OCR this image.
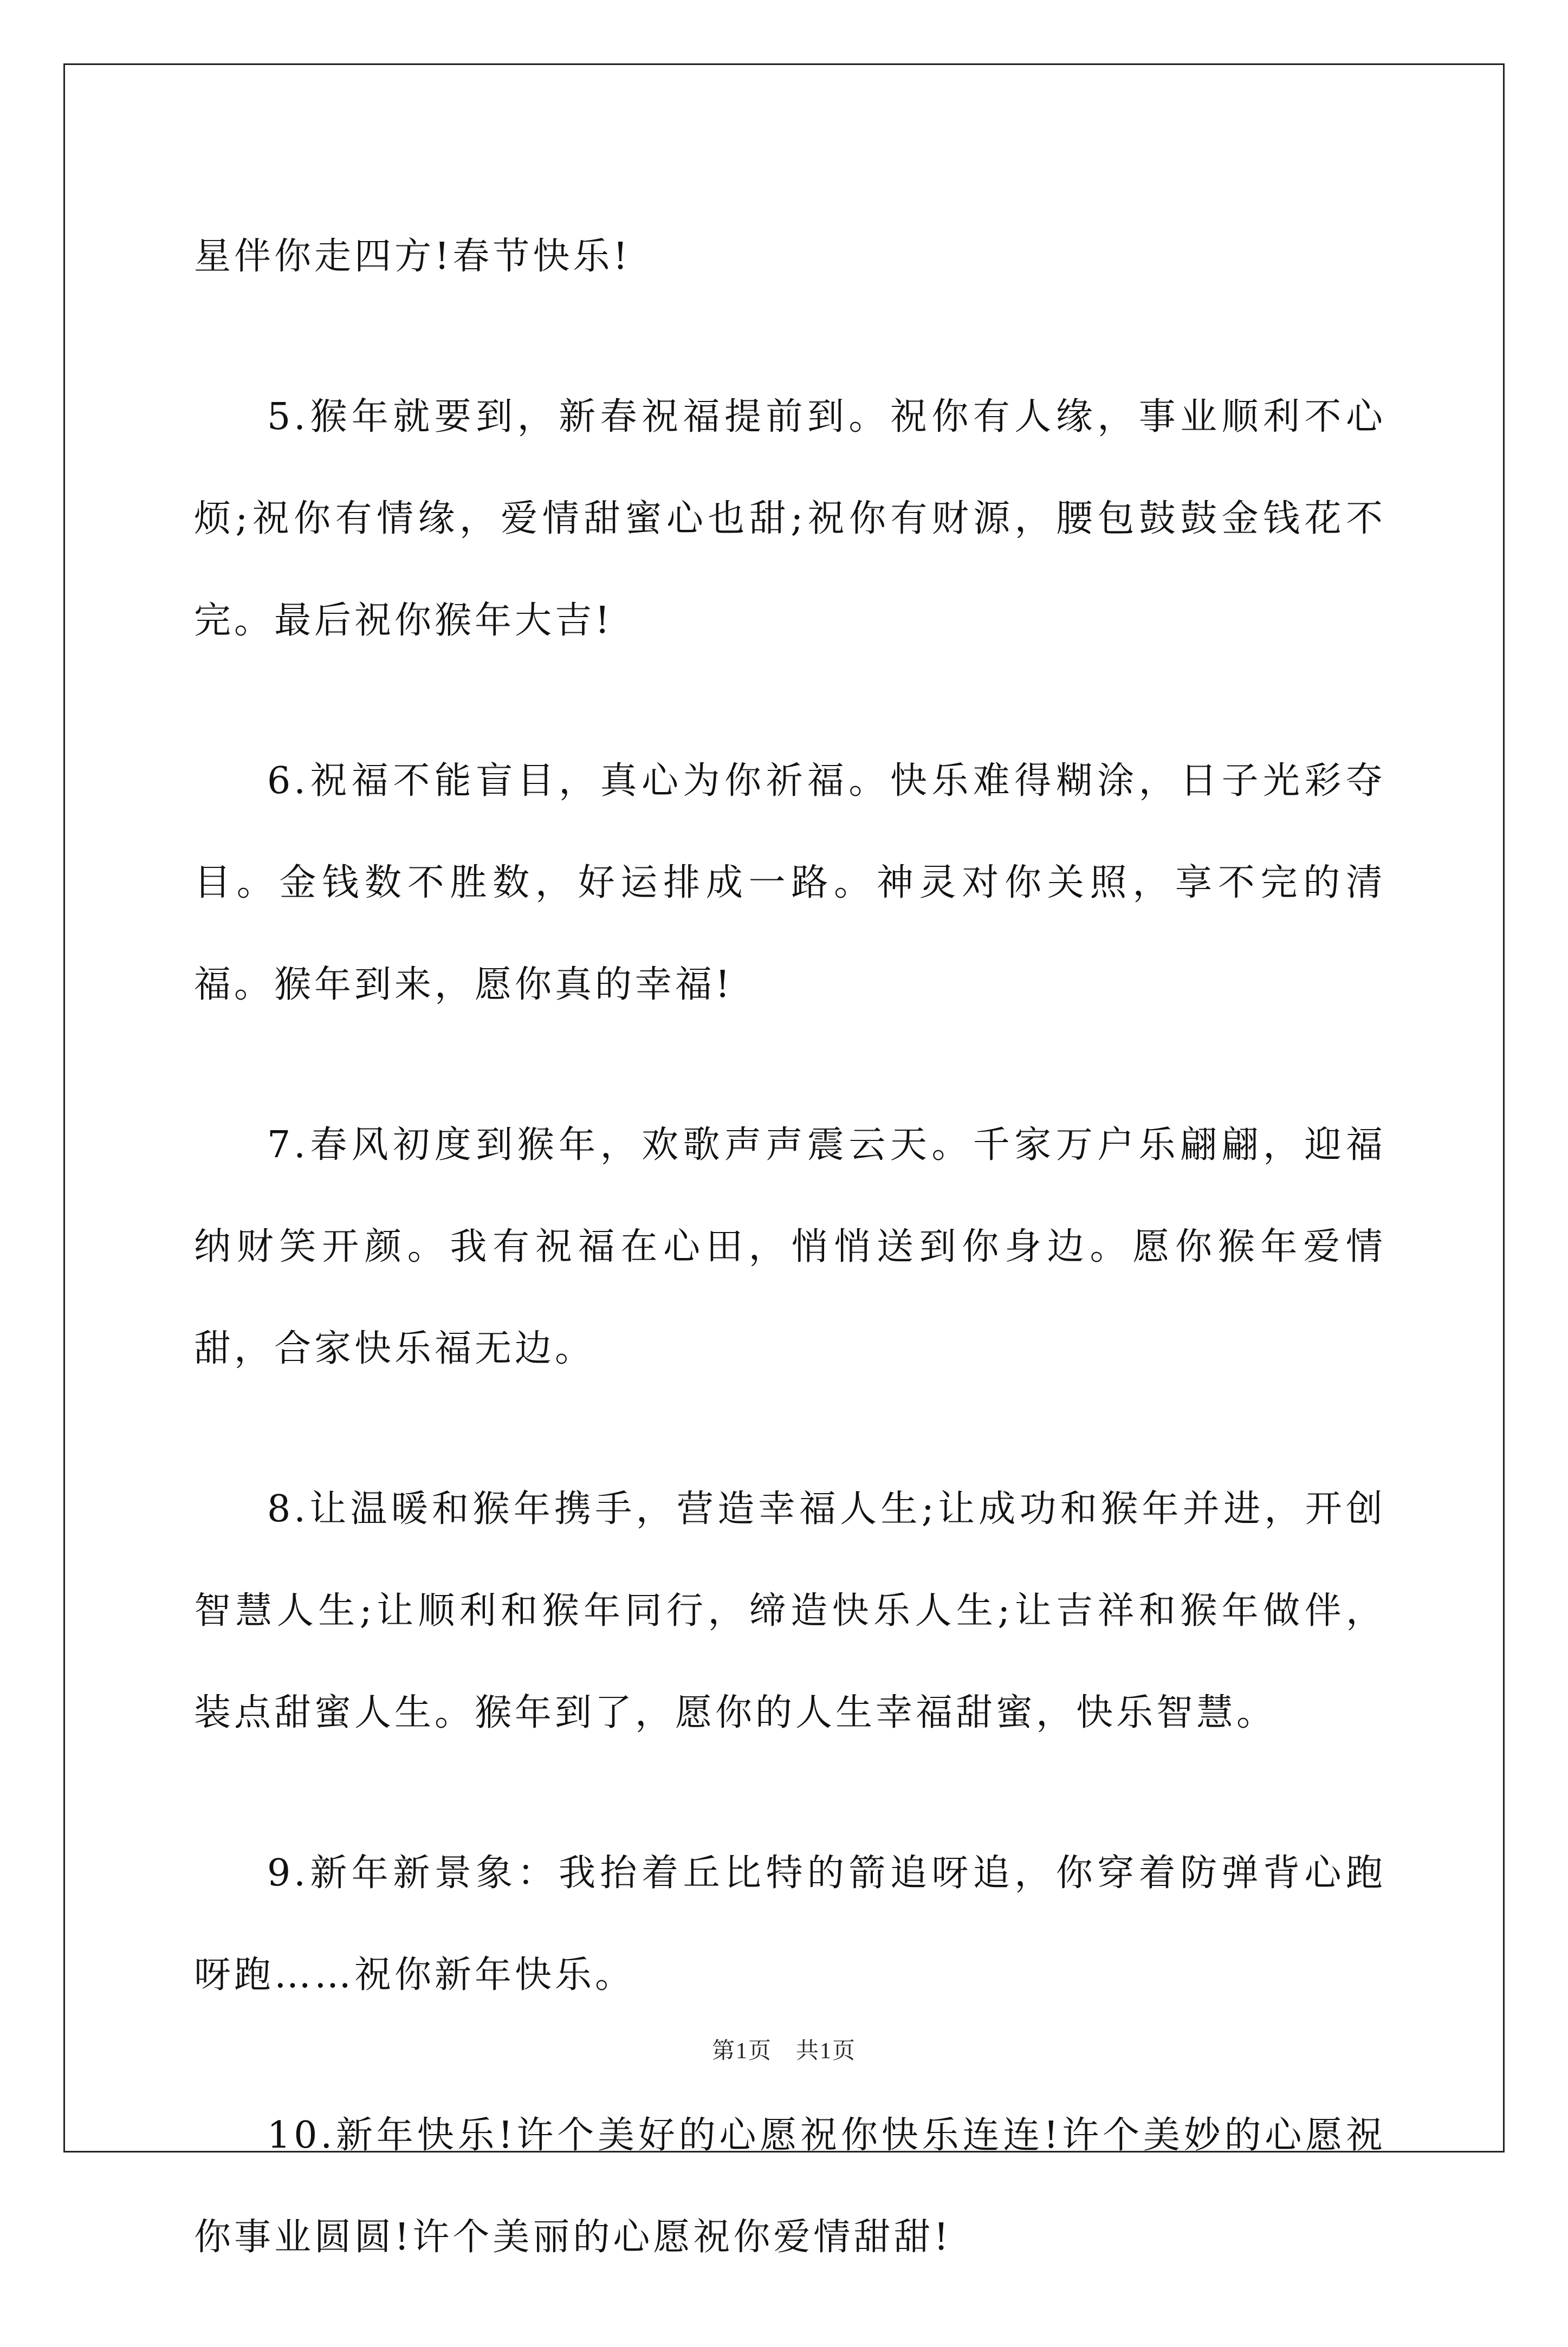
星伴你走四方!春节快乐!

5.猴年就要到，新春祝福提前到。祝你有人缘，事业顺利不心烦;祝你有情缘，爱情甜蜜心也甜;祝你有财源，腰包鼓鼓金钱花不完。最后祝你猴年大吉!

6.祝福不能盲目，真心为你祈福。快乐难得糊涂，日子光彩夺目。金钱数不胜数，好运排成一路。神灵对你关照，享不完的清福。猴年到来，愿你真的幸福!

7.春风初度到猴年，欢歌声声震云天。千家万户乐翩翩，迎福纳财笑开颜。我有祝福在心田，悄悄送到你身边。愿你猴年爱情甜，合家快乐福无边。

8.让温暖和猴年携手，营造幸福人生;让成功和猴年并进，开创智慧人生;让顺利和猴年同行，缔造快乐人生;让吉祥和猴年做伴，装点甜蜜人生。猴年到了，愿你的人生幸福甜蜜，快乐智慧。

9.新年新景象：我抬着丘比特的箭追呀追，你穿着防弹背心跑呀跑……祝你新年快乐。

10.新年快乐!许个美好的心愿祝你快乐连连!许个美妙的心愿祝你事业圆圆!许个美丽的心愿祝你爱情甜甜!

第1页　共1页
